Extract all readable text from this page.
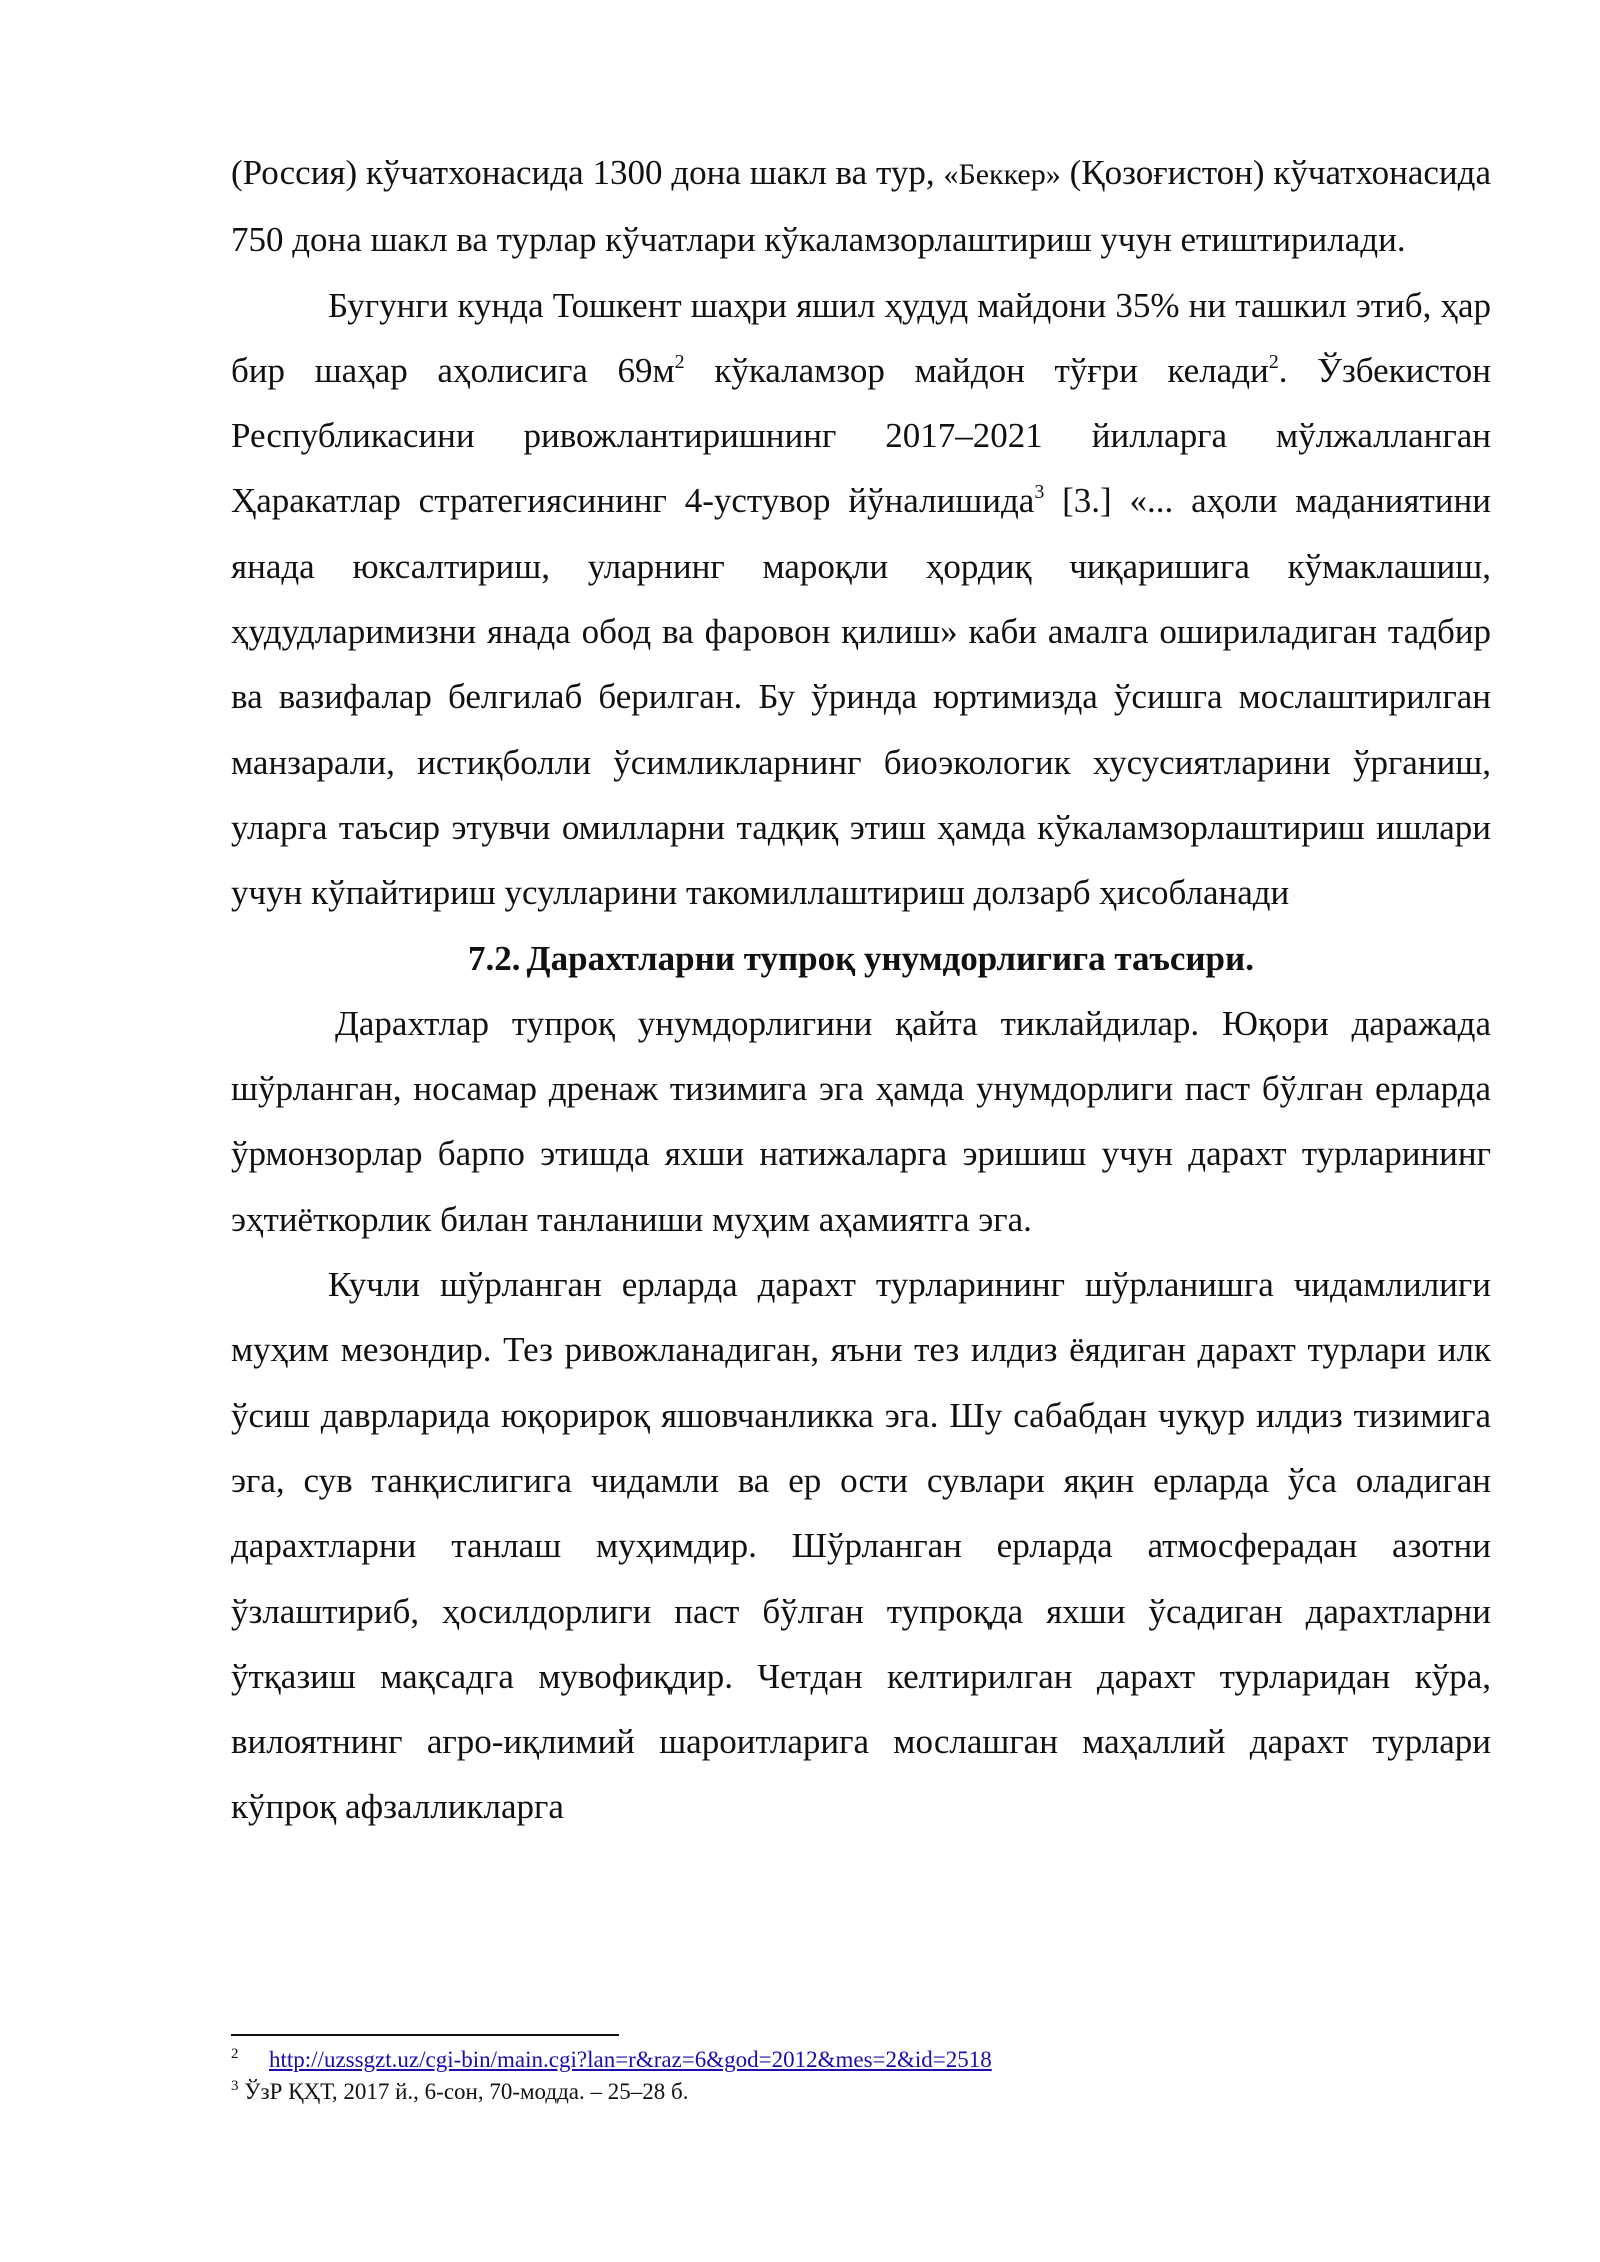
(Россия) кўчатхонасида 1300 дона шакл ва тур, «Беккер» (Қозоғистон) кўчатхонасида 750 дона шакл ва турлар кўчатлари кўкаламзорлаштириш учун етиштирилади.

Бугунги кунда Тошкент шаҳри яшил ҳудуд майдони 35% ни ташкил этиб, ҳар бир шаҳар аҳолисига $69м^2$ кўкаламзор майдон тўғри келади$^2$. Ўзбекистон Республикасини ривожлантиришнинг 2017–2021 йилларга мўлжалланган Ҳаракатлар стратегиясининг 4-устувор йўналишида$^3$ [3.] «... аҳоли маданиятини янада юксалтириш, уларнинг мароқли ҳордиқ чиқаришига кўмаклашиш, ҳудудларимизни янада обод ва фаровон қилиш» каби амалга ошириладиган тадбир ва вазифалар белгилаб берилган. Бу ўринда юртимизда ўсишга мослаштирилган манзарали, истиқболли ўсимликларнинг биоэкологик хусусиятларини ўрганиш, уларга таъсир этувчи омилларни тадқиқ этиш ҳамда кўкаламзорлаштириш ишлари учун кўпайтириш усулларини такомиллаштириш долзарб ҳисобланади

7.2. Дарахтларни тупроқ унумдорлигига таъсири.

Дарахтлар тупроқ унумдорлигини қайта тиклайдилар. Юқори даражада шўрланган, носамар дренаж тизимига эга ҳамда унумдорлиги паст бўлган ерларда ўрмонзорлар барпо этишда яхши натижаларга эришиш учун дарахт турларининг эҳтиёткорлик билан танланиши муҳим аҳамиятга эга.

Кучли шўрланган ерларда дарахт турларининг шўрланишга чидамлилиги муҳим мезондир. Тез ривожланадиган, яъни тез илдиз ёядиган дарахт турлари илк ўсиш даврларида юқорироқ яшовчанликка эга. Шу сабабдан чуқур илдиз тизимига эга, сув танқислигига чидамли ва ер ости сувлари яқин ерларда ўса оладиган дарахтларни танлаш муҳимдир. Шўрланган ерларда атмосферадан азотни ўзлаштириб, ҳосилдорлиги паст бўлган тупроқда яхши ўсадиган дарахтларни ўтқазиш мақсадга мувофиқдир. Четдан келтирилган дарахт турларидан кўра, вилоятнинг агро-иқлимий шароитларига мослашган маҳаллий дарахт турлари кўпроқ афзалликларга

2 http://uzssgzt.uz/cgi-bin/main.cgi?lan=r&raz=6&god=2012&mes=2&id=2518

$^3$ ЎзР ҚҲТ, 2017 й., 6-сон, 70-модда. – 25–28 б.
